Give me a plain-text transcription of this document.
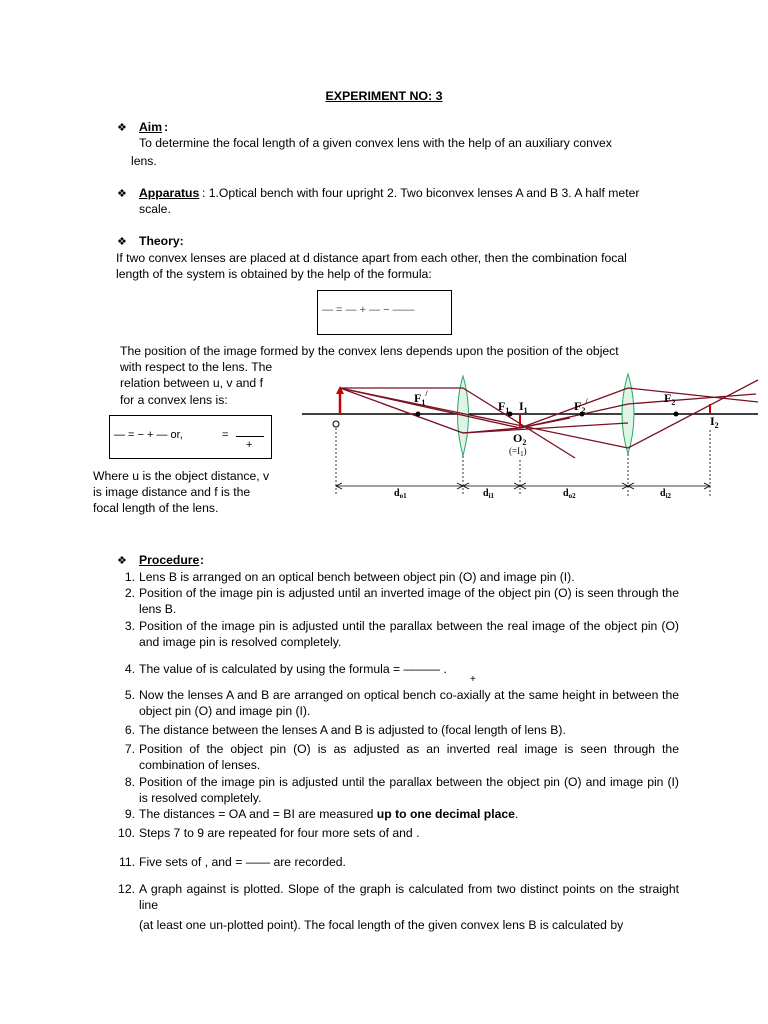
EXPERIMENT NO: 3
❖ Aim :
To determine the focal length of a given convex lens with the help of an auxiliary convex
lens.
❖ Apparatus : 1.Optical bench with four upright 2. Two biconvex lenses A and B 3. A half meter
scale.
❖ Theory:
If two convex lenses are placed at d distance apart from each other, then the combination focal
length of the system is obtained by the help of the formula:
— = — + — − ——
The position of the image formed by the convex lens depends upon the position of the object
with respect to the lens. The
relation between u, v and f
for a convex lens is:
— = − + — or,	=
+
Where u is the object distance, v
is image distance and f is the
focal length of the lens.
$F_1^/$
$F_1$ $I_1$	$F_2^/$	$F_2$
$I_2$
$O_2$
$(=I_1)$
$d_{o1}$	$d_{i1}$	$d_{o2}$	$d_{i2}$
❖ Procedure :
1. Lens B is arranged on an optical bench between object pin (O) and image pin (I).
2. Position of the image pin is adjusted until an inverted image of the object pin (O) is seen through the lens B.
3. Position of the image pin is adjusted until the parallax between the real image of the object pin (O) and image pin is resolved completely.
4. The value of is calculated by using the formula = ——— .
+
5. Now the lenses A and B are arranged on optical bench co-axially at the same height in between the object pin (O) and image pin (I).
6. The distance between the lenses A and B is adjusted to (focal length of lens B).
7. Position of the object pin (O) is as adjusted as an inverted real image is seen through the combination of lenses.
8. Position of the image pin is adjusted until the parallax between the object pin (O) and image pin (I) is resolved completely.
9. The distances = OA and = BI are measured up to one decimal place.
10. Steps 7 to 9 are repeated for four more sets of and .
11. Five sets of , and = —— are recorded.
12. A graph against is plotted. Slope of the graph is calculated from two distinct points on the straight line
(at least one un-plotted point). The focal length of the given convex lens B is calculated by
